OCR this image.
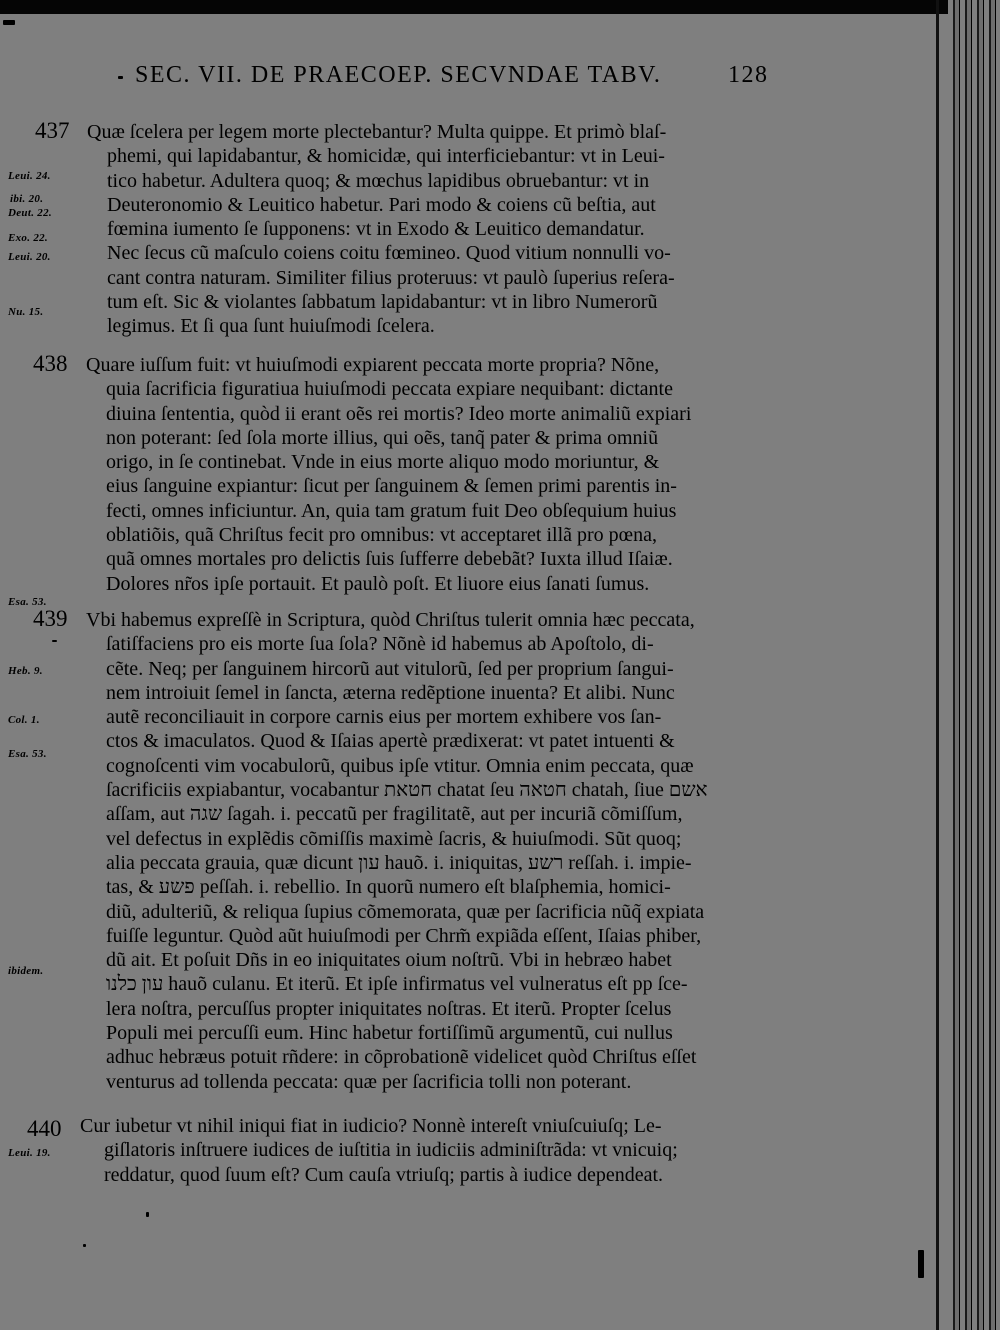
SEC. VII. DE PRAECOEP. SECVNDAE TABV.	128
Leui. 24.
ibi. 20.
Deut. 22.
Exo. 22.
Leui. 20.
Nu. 15.
Esa. 53.
Heb. 9.
Col. 1.
Esa. 53.
ibidem.
Leui. 19.
437
438
439
440
Quæ ſcelera per legem morte plectebantur? Multa quippe. Et primò blaſ-
phemi, qui lapidabantur, & homicidæ, qui interficiebantur: vt in Leui-
tico habetur. Adultera quoq; & mœchus lapidibus obruebantur: vt in
Deuteronomio & Leuitico habetur. Pari modo & coiens cũ beſtia, aut
fœmina iumento ſe ſupponens: vt in Exodo & Leuitico demandatur.
Nec ſecus cũ maſculo coiens coitu fœmineo. Quod vitium nonnulli vo-
cant contra naturam. Similiter filius proteruus: vt paulò ſuperius reſera-
tum eſt. Sic & violantes ſabbatum lapidabantur: vt in libro Numerorũ
legimus. Et ſi qua ſunt huiuſmodi ſcelera.
Quare iuſſum fuit: vt huiuſmodi expiarent peccata morte propria? Nõne,
quia ſacrificia figuratiua huiuſmodi peccata expiare nequibant: dictante
diuina ſententia, quòd ii erant oẽs rei mortis? Ideo morte animaliũ expiari
non poterant: ſed ſola morte illius, qui oẽs, tanq̃ pater & prima omniũ
origo, in ſe continebat. Vnde in eius morte aliquo modo moriuntur, &
eius ſanguine expiantur: ſicut per ſanguinem & ſemen primi parentis in-
fecti, omnes inficiuntur. An, quia tam gratum fuit Deo obſequium huius
oblatiõis, quã Chriſtus fecit pro omnibus: vt acceptaret illã pro pœna,
quã omnes mortales pro delictis ſuis ſufferre debebãt? Iuxta illud Iſaiæ.
Dolores nr̃os ipſe portauit. Et paulò poſt. Et liuore eius ſanati ſumus.
Vbi habemus expreſſè in Scriptura, quòd Chriſtus tulerit omnia hæc peccata,
ſatiſfaciens pro eis morte ſua ſola? Nõnè id habemus ab Apoſtolo, di-
cẽte. Neq; per ſanguinem hircorũ aut vitulorũ, ſed per proprium ſangui-
nem introiuit ſemel in ſancta, æterna redẽptione inuenta? Et alibi. Nunc
autẽ reconciliauit in corpore carnis eius per mortem exhibere vos ſan-
ctos & imaculatos. Quod & Iſaias apertè prædixerat: vt patet intuenti &
cognoſcenti vim vocabulorũ, quibus ipſe vtitur. Omnia enim peccata, quæ
ſacrificiis expiabantur, vocabantur חטאת chatat ſeu חטאה chatah, ſiue אשם
aſſam, aut שגה ſagah. i. peccatũ per fragilitatẽ, aut per incuriã cõmiſſum,
vel defectus in explẽdis cõmiſſis maximè ſacris, & huiuſmodi. Sũt quoq;
alia peccata grauia, quæ dicunt עון hauõ. i. iniquitas, רשע reſſah. i. impie-
tas, & פשע peſſah. i. rebellio. In quorũ numero eſt blaſphemia, homici-
diũ, adulteriũ, & reliqua ſupius cõmemorata, quæ per ſacrificia nũq̃ expiata
fuiſſe leguntur. Quòd aũt huiuſmodi per Chrm̃ expiãda eſſent, Iſaias phiber,
dũ ait. Et poſuit Dñs in eo iniquitates oium noſtrũ. Vbi in hebræo habet
עון כלנו hauõ culanu. Et iterũ. Et ipſe infirmatus vel vulneratus eſt pp ſce-
lera noſtra, percuſſus propter iniquitates noſtras. Et iterũ. Propter ſcelus
Populi mei percuſſi eum. Hinc habetur fortiſſimũ argumentũ, cui nullus
adhuc hebræus potuit rñdere: in cõprobationẽ videlicet quòd Chriſtus eſſet
venturus ad tollenda peccata: quæ per ſacrificia tolli non poterant.
Cur iubetur vt nihil iniqui fiat in iudicio? Nonnè intereſt vniuſcuiuſq; Le-
giſlatoris inſtruere iudices de iuſtitia in iudiciis adminiſtrãda: vt vnicuiq;
reddatur, quod ſuum eſt? Cum cauſa vtriuſq; partis à iudice dependeat.
